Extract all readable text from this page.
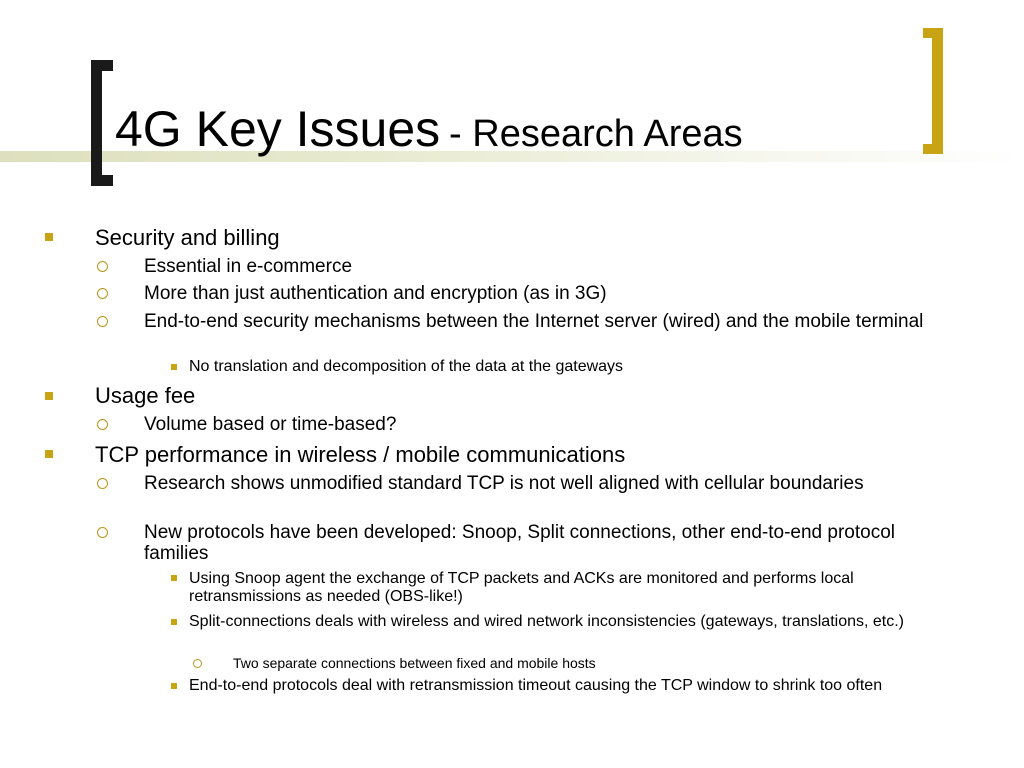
4G Key Issues - Research Areas

Security and billing

Essential in e-commerce

More than just authentication and encryption (as in 3G)

End-to-end security mechanisms between the Internet server (wired) and the mobile terminal

No translation and decomposition of the data at the gateways

Usage fee

Volume based or time-based?

TCP performance in wireless / mobile communications

Research shows unmodified standard TCP is not well aligned with cellular boundaries

New protocols have been developed: Snoop, Split connections, other end-to-end protocol families

Using Snoop agent the exchange of TCP packets and ACKs are monitored and performs local retransmissions as needed (OBS-like!)

Split-connections deals with wireless and wired network inconsistencies (gateways, translations, etc.)

Two separate connections between fixed and mobile hosts

End-to-end protocols deal with retransmission timeout causing the TCP window to shrink too often
